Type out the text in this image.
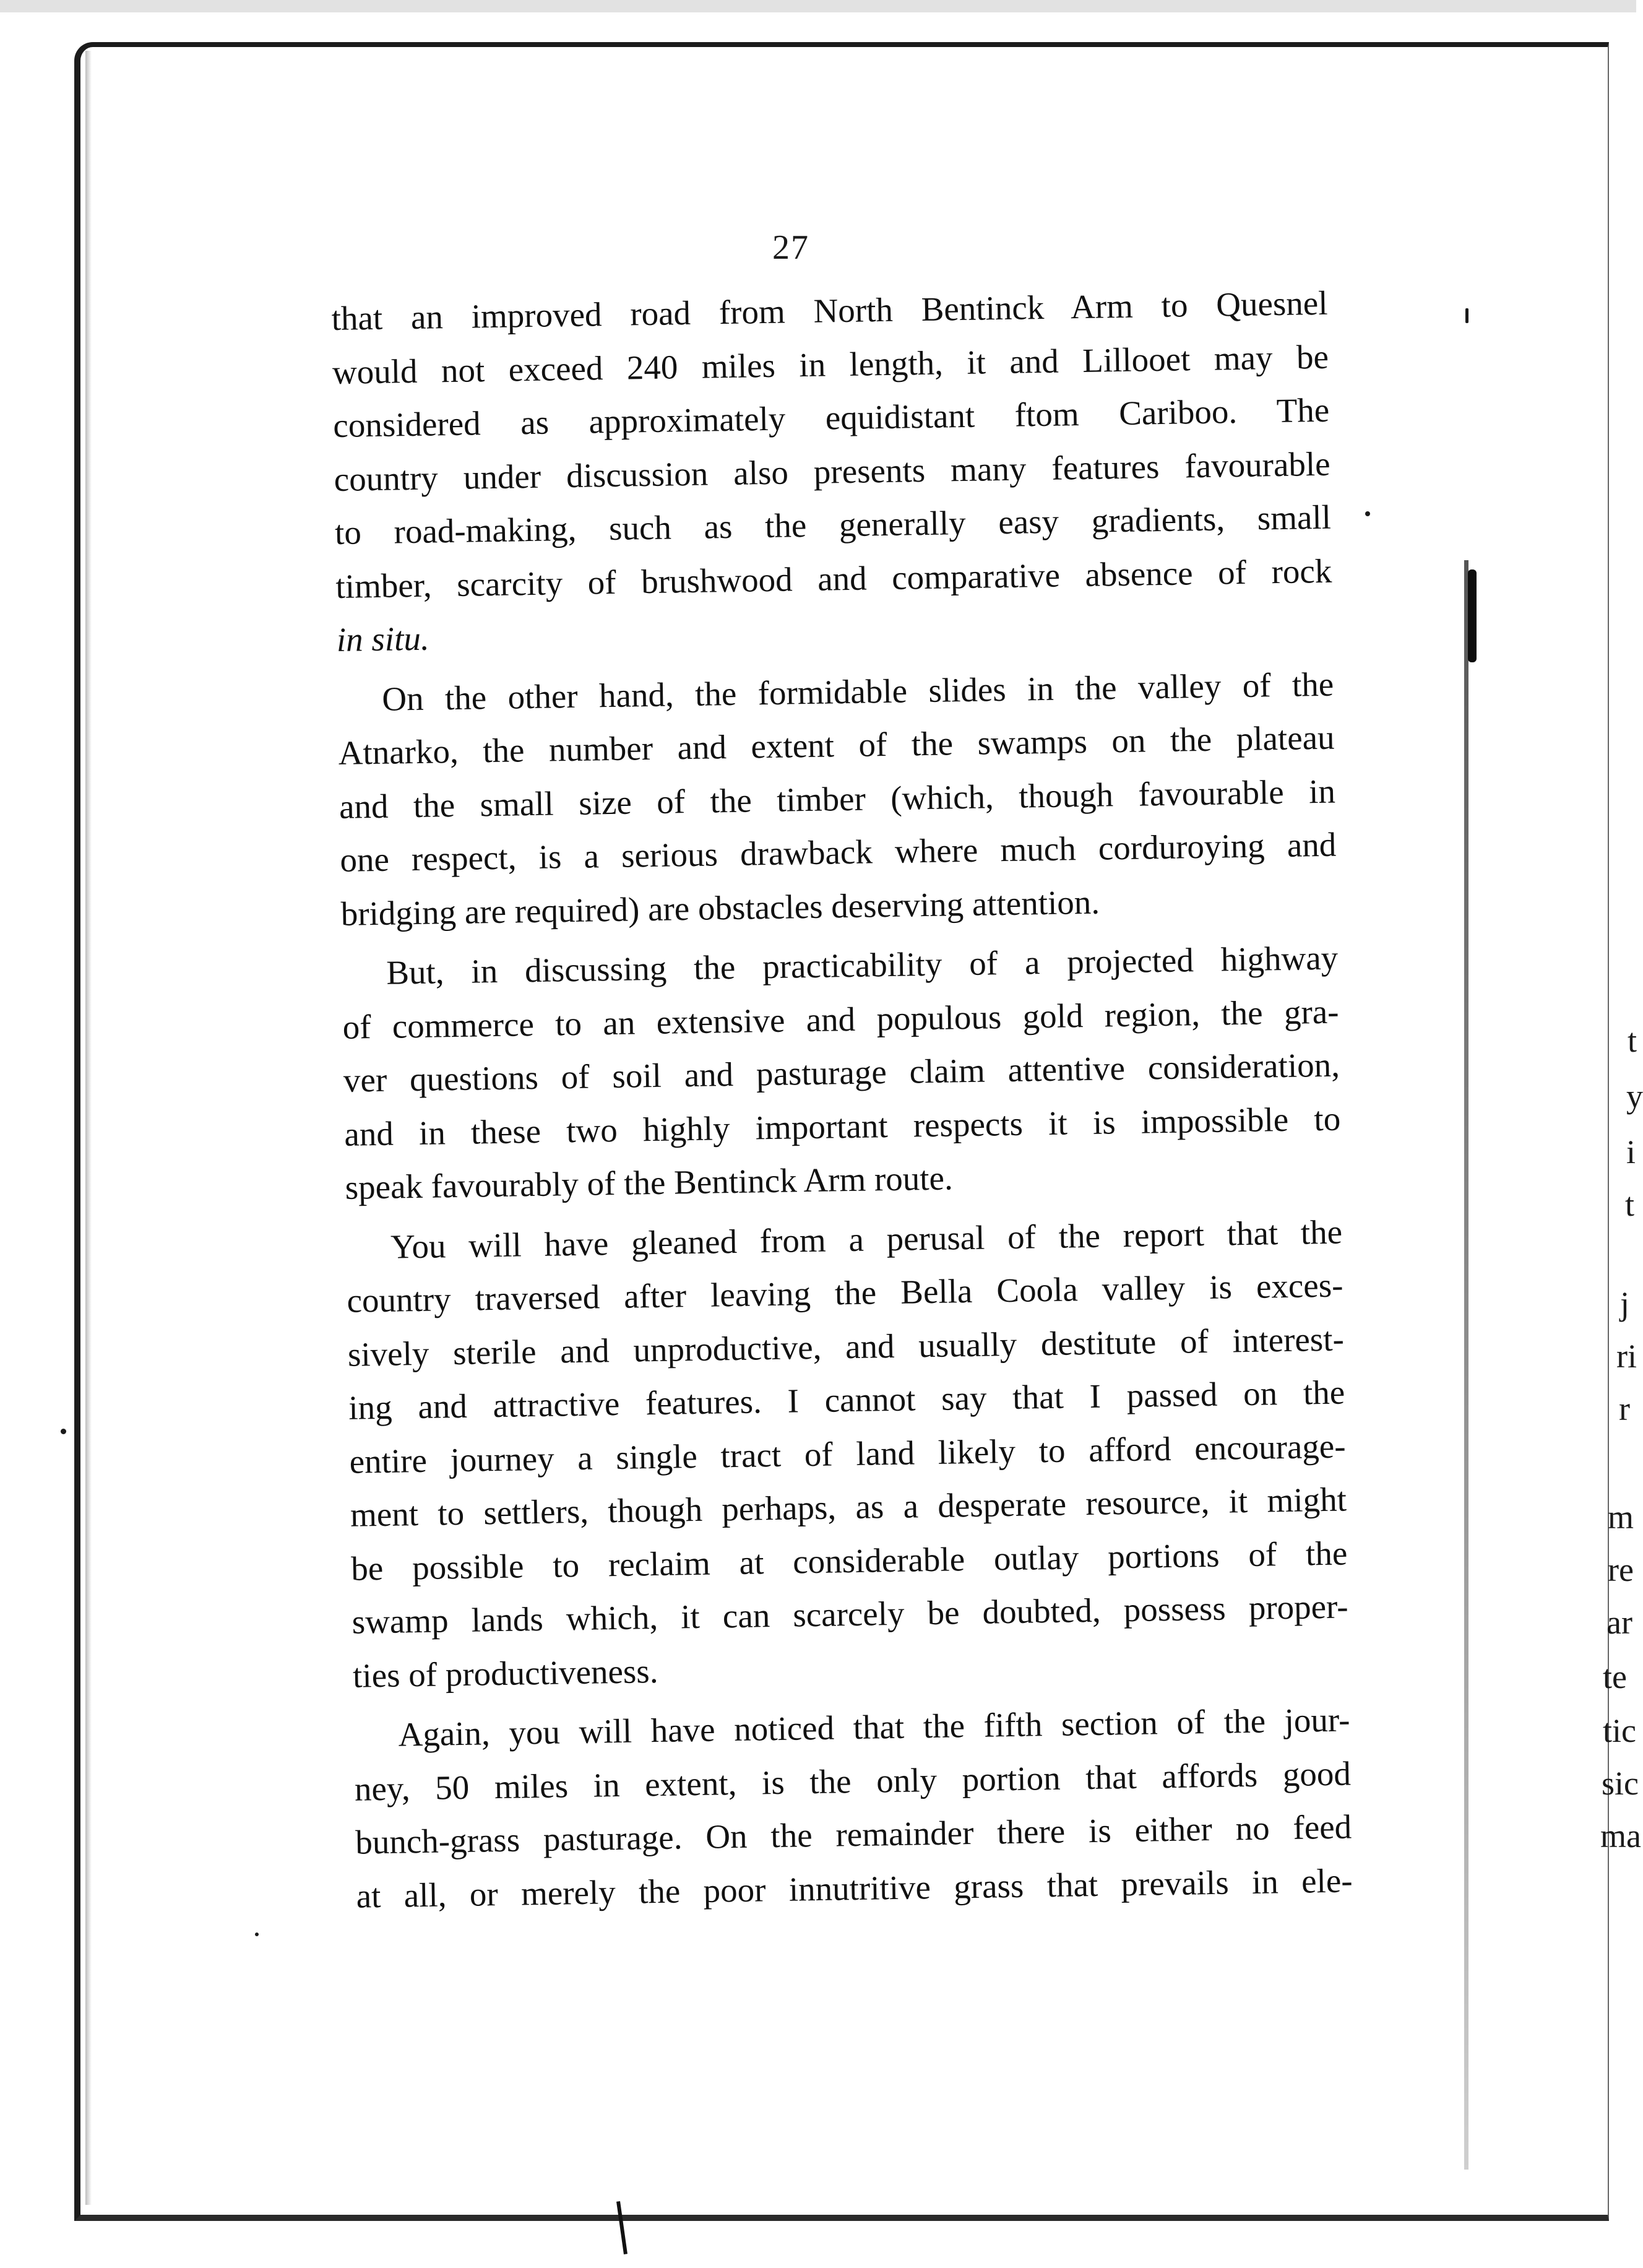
27
that an improved road from North Bentinck Arm to Quesnel
would not exceed 240 miles in length, it and Lillooet may be
considered as approximately equidistant ftom Cariboo. The
country under discussion also presents many features favourable
to road-making, such as the generally easy gradients, small
timber, scarcity of brushwood and comparative absence of rock
in situ.
On the other hand, the formidable slides in the valley of the
Atnarko, the number and extent of the swamps on the plateau
and the small size of the timber (which, though favourable in
one respect, is a serious drawback where much corduroying and
bridging are required) are obstacles deserving attention.
But, in discussing the practicability of a projected highway
of commerce to an extensive and populous gold region, the gra-
ver questions of soil and pasturage claim attentive consideration,
and in these two highly important respects it is impossible to
speak favourably of the Bentinck Arm route.
You will have gleaned from a perusal of the report that the
country traversed after leaving the Bella Coola valley is exces-
sively sterile and unproductive, and usually destitute of interest-
ing and attractive features. I cannot say that I passed on the
entire journey a single tract of land likely to afford encourage-
ment to settlers, though perhaps, as a desperate resource, it might
be possible to reclaim at considerable outlay portions of the
swamp lands which, it can scarcely be doubted, possess proper-
ties of productiveness.
Again, you will have noticed that the fifth section of the jour-
ney, 50 miles in extent, is the only portion that affords good
bunch-grass pasturage. On the remainder there is either no feed
at all, or merely the poor innutritive grass that prevails in ele-
t
y
i
t
j
ri
r
m
re
ar
te
tic
sic
ma
